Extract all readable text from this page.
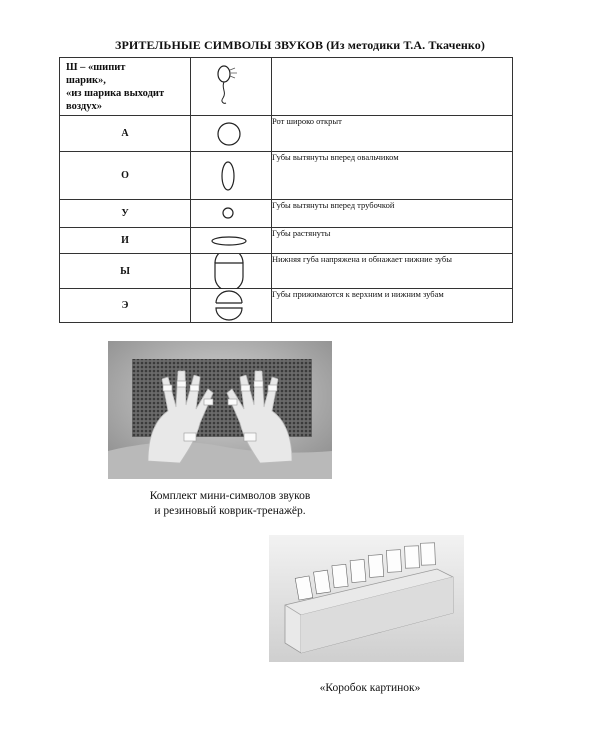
ЗРИТЕЛЬНЫЕ СИМВОЛЫ ЗВУКОВ (Из методики Т.А. Ткаченко)
Ш – «шипит
шарик»,
«из шарика выходит
воздух»

А		Рот широко открыт
О		Губы вытянуты вперед овальчиком
У		Губы вытянуты вперед трубочкой
И		Губы растянуты
Ы		Нижняя губа напряжена и обнажает нижние зубы
Э		Губы прижимаются к верхним и нижним зубам
Комплект мини-символов звуков
и резиновый коврик-тренажёр.
«Коробок картинок»
